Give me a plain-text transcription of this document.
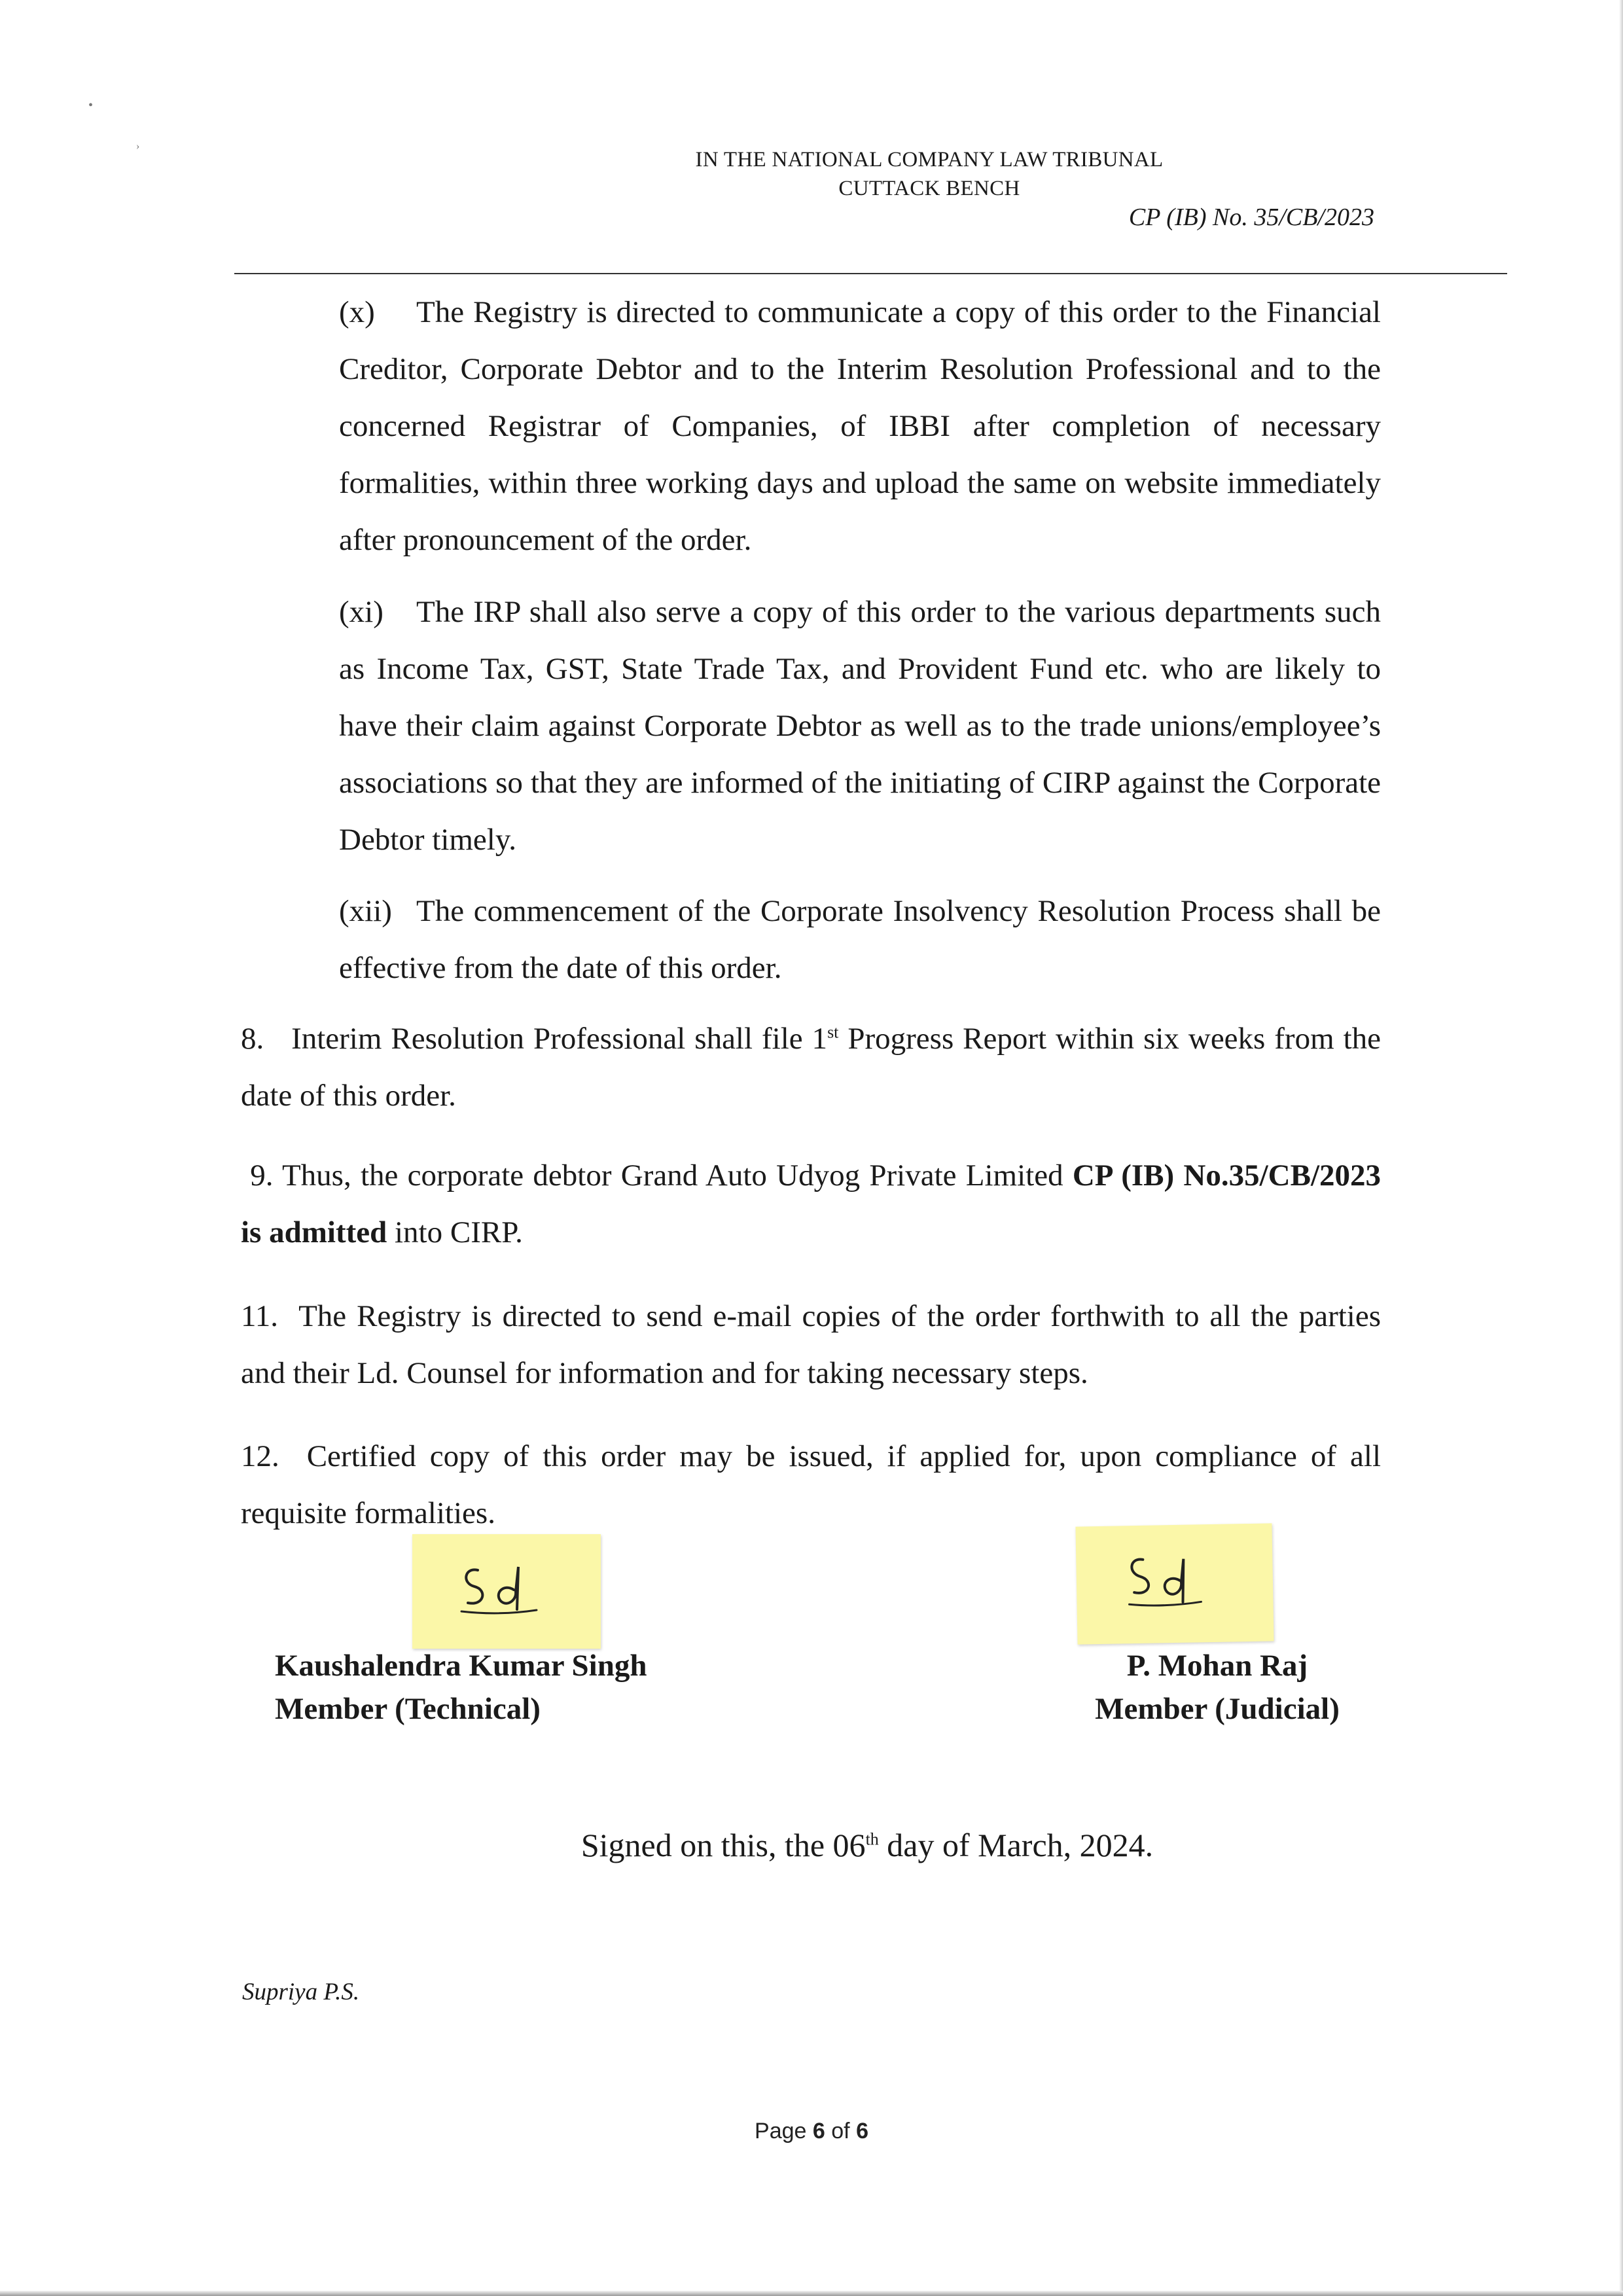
•
›
IN THE NATIONAL COMPANY LAW TRIBUNAL
CUTTACK BENCH
CP (IB) No. 35/CB/2023
(x) The Registry is directed to communicate a copy of this order to the Financial Creditor, Corporate Debtor and to the Interim Resolution Professional and to the concerned Registrar of Companies, of IBBI after completion of necessary formalities, within three working days and upload the same on website immediately after pronouncement of the order.
(xi) The IRP shall also serve a copy of this order to the various departments such as Income Tax, GST, State Trade Tax, and Provident Fund etc. who are likely to have their claim against Corporate Debtor as well as to the trade unions/employee’s associations so that they are informed of the initiating of CIRP against the Corporate Debtor timely.
(xii) The commencement of the Corporate Insolvency Resolution Process shall be effective from the date of this order.
8. Interim Resolution Professional shall file 1st Progress Report within six weeks from the date of this order.
9. Thus, the corporate debtor Grand Auto Udyog Private Limited CP (IB) No.35/CB/2023 is admitted into CIRP.
11. The Registry is directed to send e-mail copies of the order forthwith to all the parties and their Ld. Counsel for information and for taking necessary steps.
12. Certified copy of this order may be issued, if applied for, upon compliance of all requisite formalities.
Kaushalendra Kumar Singh
Member (Technical)
P. Mohan Raj
Member (Judicial)
Signed on this, the 06th day of March, 2024.
Supriya P.S.
Page 6 of 6
